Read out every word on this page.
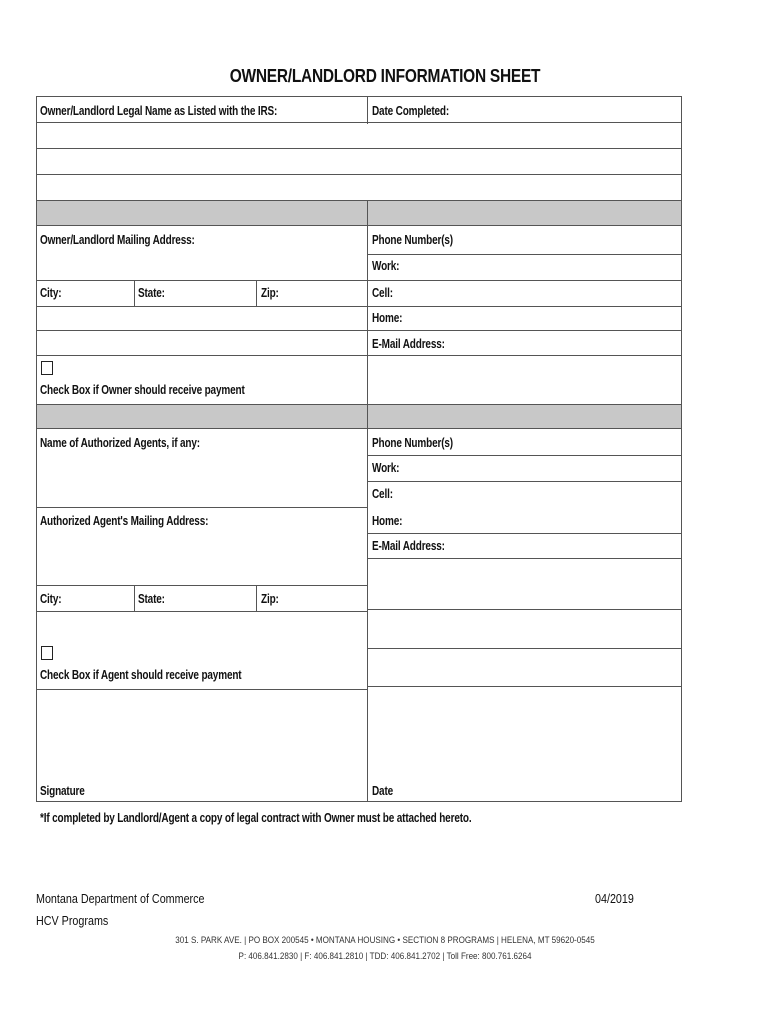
OWNER/LANDLORD INFORMATION SHEET
Owner/Landlord Legal Name as Listed with the IRS:	Date Completed:
Owner/Landlord Mailing Address:	Phone Number(s)
Work:
City:	State:	Zip:	Cell:
Home:
E-Mail Address:
Check Box if Owner should receive payment
Name of Authorized Agents, if any:	Phone Number(s)
Work:
Cell:
Authorized Agent's Mailing Address:	Home:
E-Mail Address:
City:	State:	Zip:
Check Box if Agent should receive payment
Signature	Date
*If completed by Landlord/Agent a copy of legal contract with Owner must be attached hereto.
Montana Department of Commerce
HCV Programs
04/2019
301 S. PARK AVE. | PO BOX 200545 • MONTANA HOUSING • SECTION 8 PROGRAMS | HELENA, MT 59620-0545
P: 406.841.2830 | F: 406.841.2810 | TDD: 406.841.2702 | Toll Free: 800.761.6264
